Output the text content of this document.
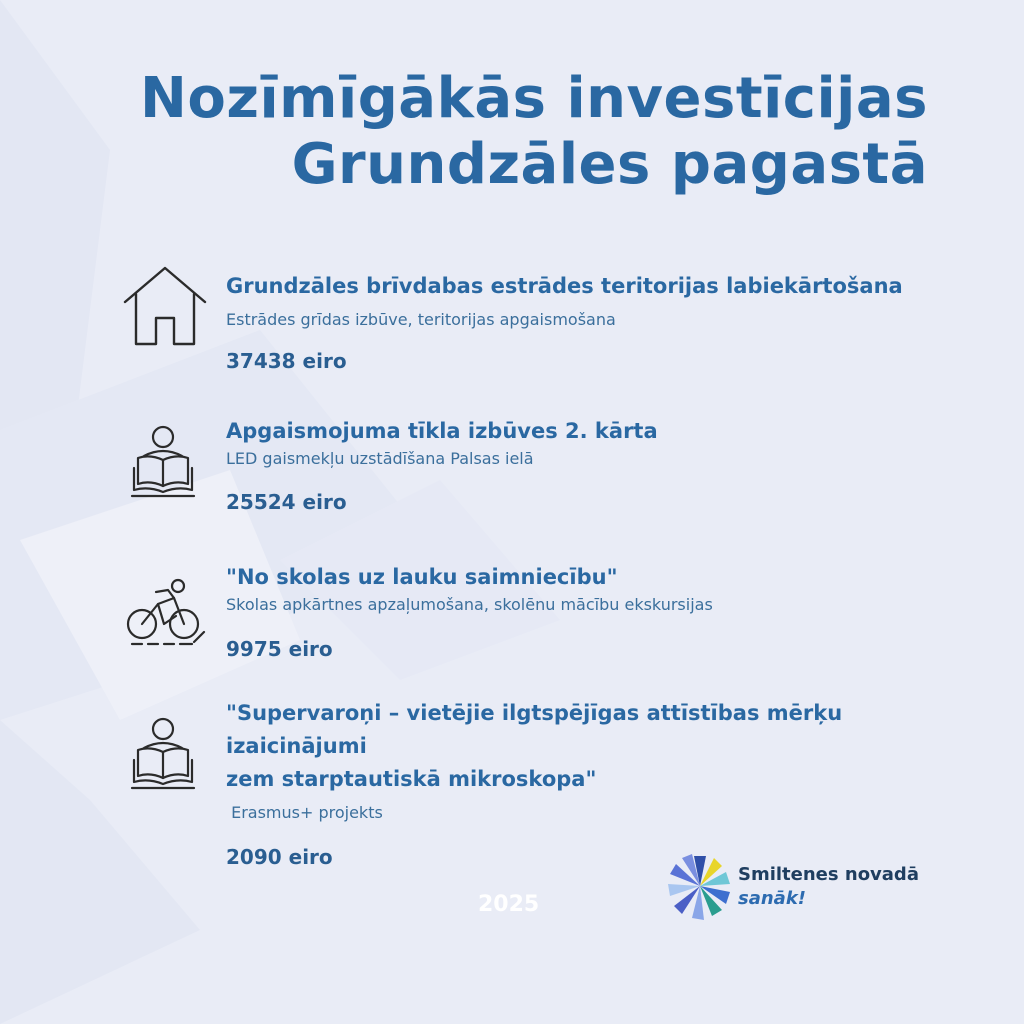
Nozīmīgākās investīcijas
Grundzāles pagastā
Grundzāles brīvdabas estrādes teritorijas labiekārtošana
Estrādes grīdas izbūve, teritorijas apgaismošana
37438 eiro
Apgaismojuma tīkla izbūves 2. kārta
LED gaismekļu uzstādīšana Palsas ielā
25524 eiro
"No skolas uz lauku saimniecību"
Skolas apkārtnes apzaļumošana, skolēnu mācību ekskursijas
9975 eiro
"Supervaroņi – vietējie ilgtspējīgas attīstības mērķu izaicinājumi
zem starptautiskā mikroskopa"
Erasmus+ projekts
2090 eiro
2025
Smiltenes novadā
sanāk!
